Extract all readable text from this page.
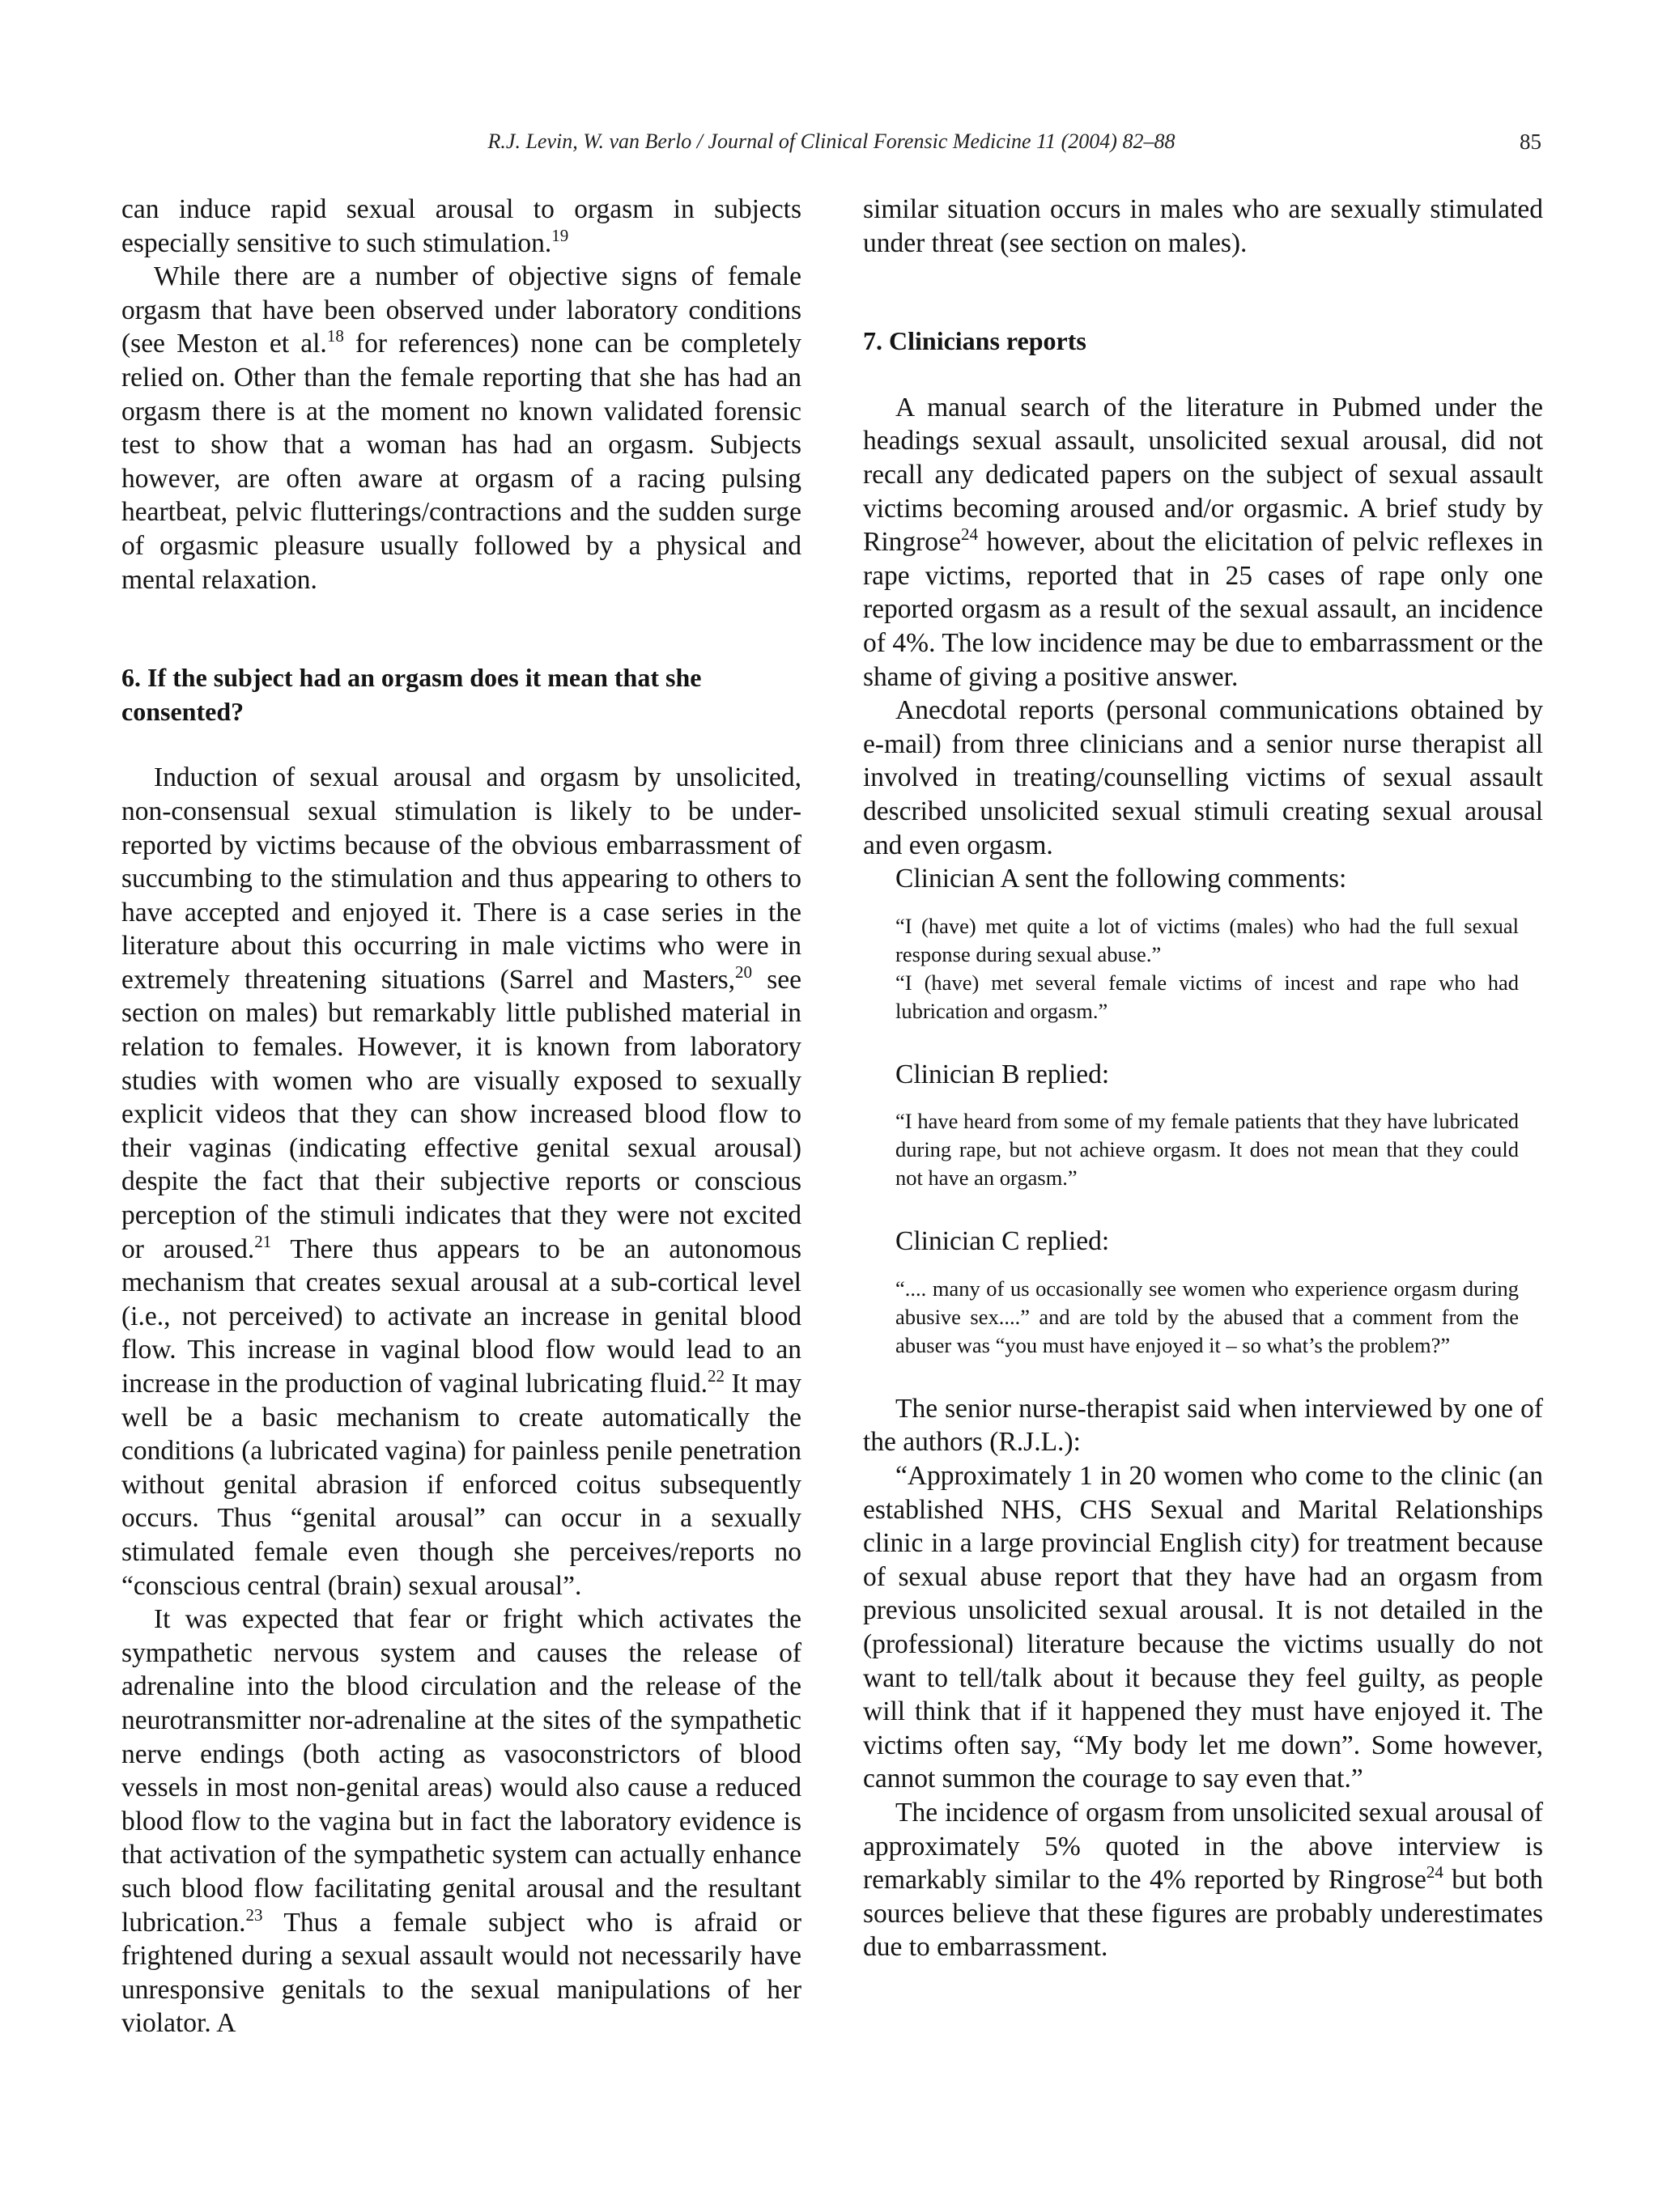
R.J. Levin, W. van Berlo / Journal of Clinical Forensic Medicine 11 (2004) 82–88	85

can induce rapid sexual arousal to orgasm in subjects especially sensitive to such stimulation.$^{19}$

While there are a number of objective signs of female orgasm that have been observed under laboratory conditions (see Meston et al.$^{18}$ for references) none can be completely relied on. Other than the female reporting that she has had an orgasm there is at the moment no known validated forensic test to show that a woman has had an orgasm. Subjects however, are often aware at orgasm of a racing pulsing heartbeat, pelvic flutterings/contractions and the sudden surge of orgasmic pleasure usually followed by a physical and mental relaxation.

6. If the subject had an orgasm does it mean that she consented?

Induction of sexual arousal and orgasm by unsolicited, non-consensual sexual stimulation is likely to be under-reported by victims because of the obvious embarrassment of succumbing to the stimulation and thus appearing to others to have accepted and enjoyed it. There is a case series in the literature about this occurring in male victims who were in extremely threatening situations (Sarrel and Masters,$^{20}$ see section on males) but remarkably little published material in relation to females. However, it is known from laboratory studies with women who are visually exposed to sexually explicit videos that they can show increased blood flow to their vaginas (indicating effective genital sexual arousal) despite the fact that their subjective reports or conscious perception of the stimuli indicates that they were not excited or aroused.$^{21}$ There thus appears to be an autonomous mechanism that creates sexual arousal at a sub-cortical level (i.e., not perceived) to activate an increase in genital blood flow. This increase in vaginal blood flow would lead to an increase in the production of vaginal lubricating fluid.$^{22}$ It may well be a basic mechanism to create automatically the conditions (a lubricated vagina) for painless penile penetration without genital abrasion if enforced coitus subsequently occurs. Thus “genital arousal” can occur in a sexually stimulated female even though she perceives/reports no “conscious central (brain) sexual arousal”.

It was expected that fear or fright which activates the sympathetic nervous system and causes the release of adrenaline into the blood circulation and the release of the neurotransmitter nor-adrenaline at the sites of the sympathetic nerve endings (both acting as vasoconstrictors of blood vessels in most non-genital areas) would also cause a reduced blood flow to the vagina but in fact the laboratory evidence is that activation of the sympathetic system can actually enhance such blood flow facilitating genital arousal and the resultant lubrication.$^{23}$ Thus a female subject who is afraid or frightened during a sexual assault would not necessarily have unresponsive genitals to the sexual manipulations of her violator. A

similar situation occurs in males who are sexually stimulated under threat (see section on males).

7. Clinicians reports

A manual search of the literature in Pubmed under the headings sexual assault, unsolicited sexual arousal, did not recall any dedicated papers on the subject of sexual assault victims becoming aroused and/or orgasmic. A brief study by Ringrose$^{24}$ however, about the elicitation of pelvic reflexes in rape victims, reported that in 25 cases of rape only one reported orgasm as a result of the sexual assault, an incidence of 4%. The low incidence may be due to embarrassment or the shame of giving a positive answer.

Anecdotal reports (personal communications obtained by e-mail) from three clinicians and a senior nurse therapist all involved in treating/counselling victims of sexual assault described unsolicited sexual stimuli creating sexual arousal and even orgasm.

Clinician A sent the following comments:

“I (have) met quite a lot of victims (males) who had the full sexual response during sexual abuse.”

“I (have) met several female victims of incest and rape who had lubrication and orgasm.”

Clinician B replied:

“I have heard from some of my female patients that they have lubricated during rape, but not achieve orgasm. It does not mean that they could not have an orgasm.”

Clinician C replied:

“.... many of us occasionally see women who experience orgasm during abusive sex....” and are told by the abused that a comment from the abuser was “you must have enjoyed it – so what’s the problem?”

The senior nurse-therapist said when interviewed by one of the authors (R.J.L.):

“Approximately 1 in 20 women who come to the clinic (an established NHS, CHS Sexual and Marital Relationships clinic in a large provincial English city) for treatment because of sexual abuse report that they have had an orgasm from previous unsolicited sexual arousal. It is not detailed in the (professional) literature because the victims usually do not want to tell/talk about it because they feel guilty, as people will think that if it happened they must have enjoyed it. The victims often say, “My body let me down”. Some however, cannot summon the courage to say even that.”

The incidence of orgasm from unsolicited sexual arousal of approximately 5% quoted in the above interview is remarkably similar to the 4% reported by Ringrose$^{24}$ but both sources believe that these figures are probably underestimates due to embarrassment.
